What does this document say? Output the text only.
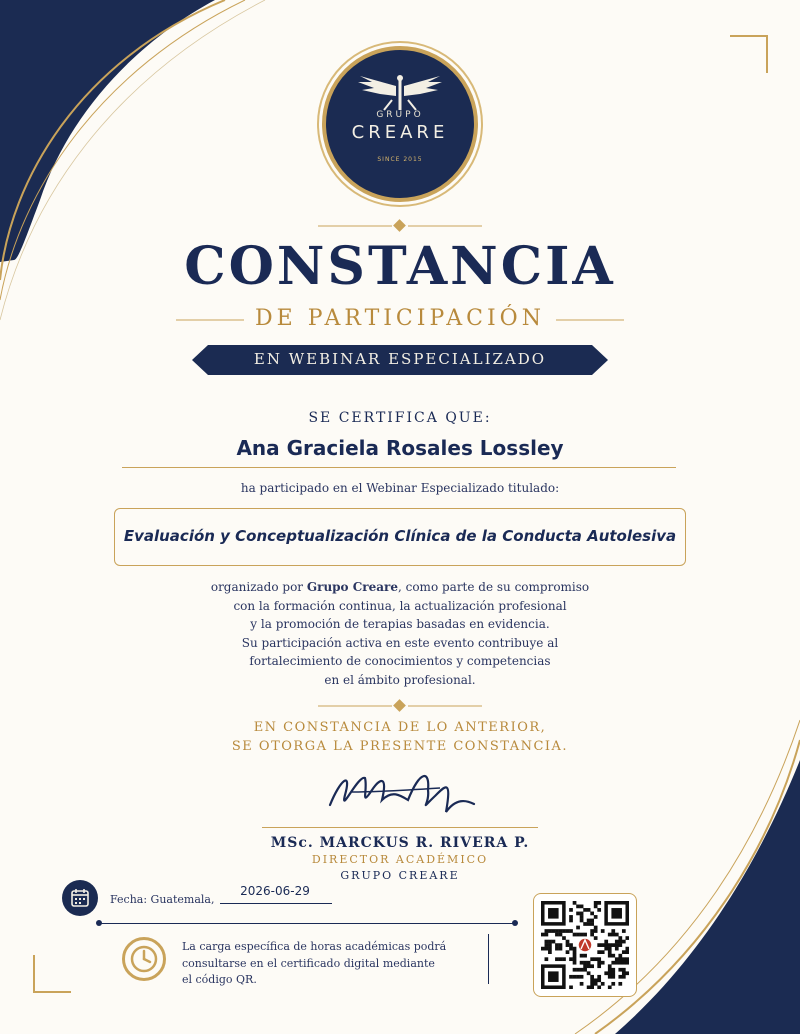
GRUPO
CREARE
SINCE 2015
CONSTANCIA
DE PARTICIPACIÓN
EN WEBINAR ESPECIALIZADO
SE CERTIFICA QUE:
Ana Graciela Rosales Lossley
ha participado en el Webinar Especializado titulado:
Evaluación y Conceptualización Clínica de la Conducta Autolesiva
organizado por Grupo Creare, como parte de su compromiso
con la formación continua, la actualización profesional
y la promoción de terapias basadas en evidencia.
Su participación activa en este evento contribuye al
fortalecimiento de conocimientos y competencias
en el ámbito profesional.
EN CONSTANCIA DE LO ANTERIOR,
SE OTORGA LA PRESENTE CONSTANCIA.
MSc. MARCKUS R. RIVERA P.
DIRECTOR ACADÉMICO
GRUPO CREARE
Fecha: Guatemala,
2026-06-29
La carga específica de horas académicas podrá
consultarse en el certificado digital mediante
el código QR.
